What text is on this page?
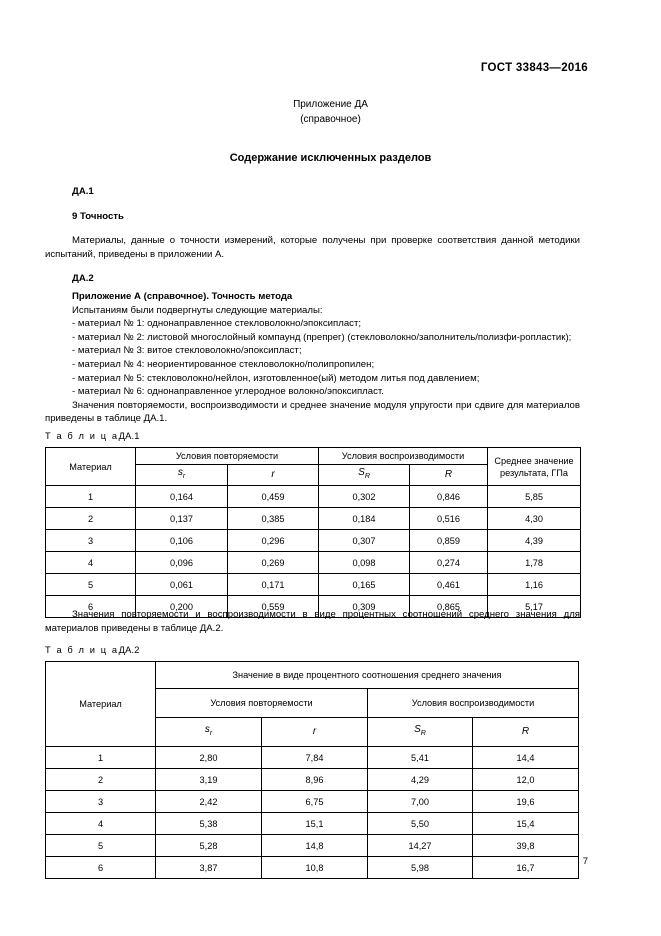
ГОСТ 33843—2016
Приложение ДА
(справочное)
Содержание исключенных разделов
ДА.1
9 Точность
Материалы, данные о точности измерений, которые получены при проверке соответствия данной методики испытаний, приведены в приложении А.
ДА.2
Приложение А (справочное). Точность метода
Испытаниям были подвергнуты следующие материалы:
- материал № 1: однонаправленное стекловолокно/эпоксипласт;
- материал № 2: листовой многослойный компаунд (препрег) (стекловолокно/заполнитель/полизфи-ропластик);
- материал № 3: витое стекловолокно/эпоксипласт;
- материал № 4: неориентированное стекловолокно/полипропилен;
- материал № 5: стекловолокно/нейлон, изготовленное(ый) методом литья под давлением;
- материал № 6: однонаправленное углеродное волокно/эпоксипласт.
Значения повторяемости, воспроизводимости и среднее значение модуля упругости при сдвиге для материалов приведены в таблице ДА.1.
Т а б л и ц аДА.1
Материал	Условия повторяемости		Условия воспроизводимости		Среднее значение результата, ГПа
	$s_r$	r	$S_R$	R	
1	0,164	0,459	0,302	0,846	5,85
2	0,137	0,385	0,184	0,516	4,30
3	0,106	0,296	0,307	0,859	4,39
4	0,096	0,269	0,098	0,274	1,78
5	0,061	0,171	0,165	0,461	1,16
6	0,200	0,559	0,309	0,865	5,17
Значения повторяемости и воспроизводимости в виде процентных соотношений среднего значения для материалов приведены в таблице ДА.2.
Т а б л и ц аДА.2
Материал	Значение в виде процентного соотношения среднего значения			
	Условия повторяемости		Условия воспроизводимости	
	$s_r$	r	$S_R$	R
1	2,80	7,84	5,41	14,4
2	3,19	8,96	4,29	12,0
3	2,42	6,75	7,00	19,6
4	5,38	15,1	5,50	15,4
5	5,28	14,8	14,27	39,8
6	3,87	10,8	5,98	16,7
7
